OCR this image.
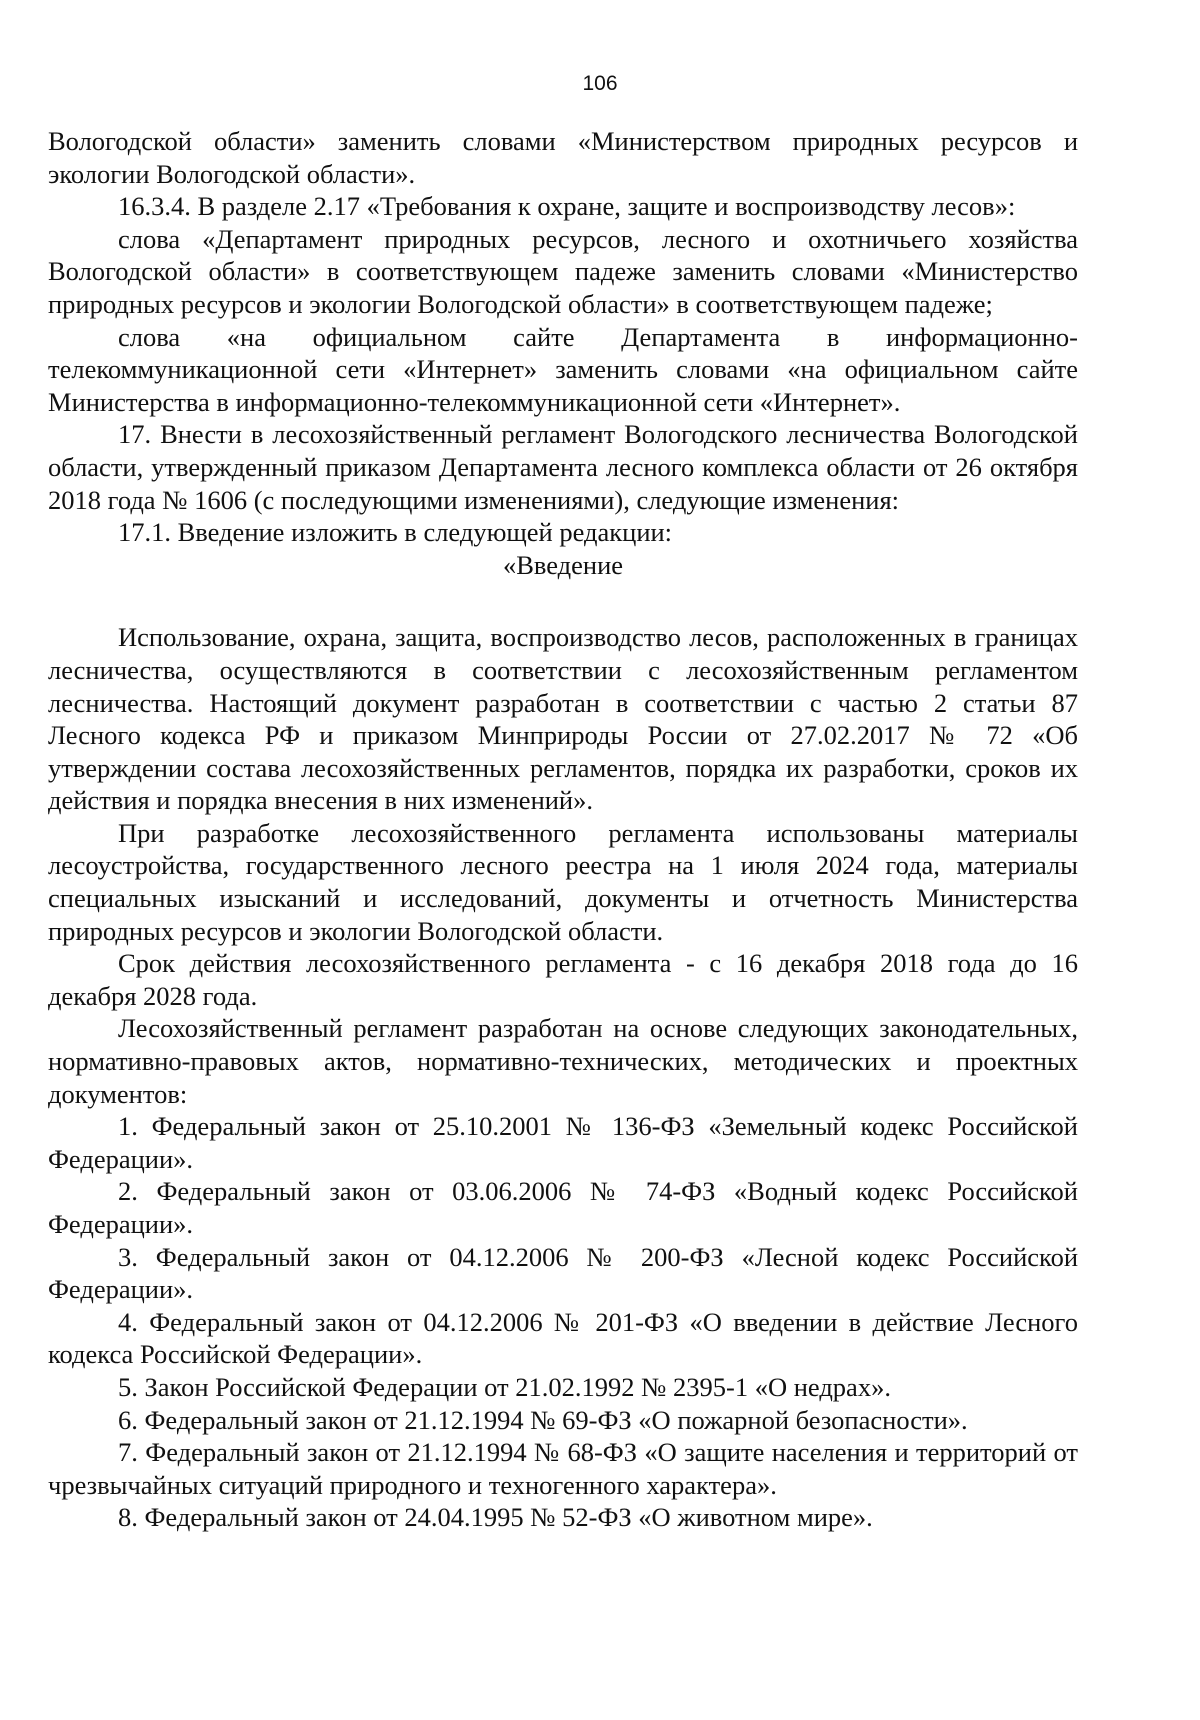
106

Вологодской области» заменить словами «Министерством природных ресурсов и экологии Вологодской области».

16.3.4. В разделе 2.17 «Требования к охране, защите и воспроизводству лесов»:

слова «Департамент природных ресурсов, лесного и охотничьего хозяйства Вологодской области» в соответствующем падеже заменить словами «Министерство природных ресурсов и экологии Вологодской области» в соответствующем падеже;

слова «на официальном сайте Департамента в информационно-телекоммуникационной сети «Интернет» заменить словами «на официальном сайте Министерства в информационно-телекоммуникационной сети «Интернет».

17. Внести в лесохозяйственный регламент Вологодского лесничества Вологодской области, утвержденный приказом Департамента лесного комплекса области от 26 октября 2018 года № 1606 (с последующими изменениями), следующие изменения:

17.1. Введение изложить в следующей редакции:

«Введение

Использование, охрана, защита, воспроизводство лесов, расположенных в границах лесничества, осуществляются в соответствии с лесохозяйственным регламентом лесничества. Настоящий документ разработан в соответствии с частью 2 статьи 87 Лесного кодекса РФ и приказом Минприроды России от 27.02.2017 № 72 «Об утверждении состава лесохозяйственных регламентов, порядка их разработки, сроков их действия и порядка внесения в них изменений».

При разработке лесохозяйственного регламента использованы материалы лесоустройства, государственного лесного реестра на 1 июля 2024 года, материалы специальных изысканий и исследований, документы и отчетность Министерства природных ресурсов и экологии Вологодской области.

Срок действия лесохозяйственного регламента - с 16 декабря 2018 года до 16 декабря 2028 года.

Лесохозяйственный регламент разработан на основе следующих законодательных, нормативно-правовых актов, нормативно-технических, методических и проектных документов:

1. Федеральный закон от 25.10.2001 № 136-ФЗ «Земельный кодекс Российской Федерации».

2. Федеральный закон от 03.06.2006 № 74-ФЗ «Водный кодекс Российской Федерации».

3. Федеральный закон от 04.12.2006 № 200-ФЗ «Лесной кодекс Российской Федерации».

4. Федеральный закон от 04.12.2006 № 201-ФЗ «О введении в действие Лесного кодекса Российской Федерации».

5. Закон Российской Федерации от 21.02.1992 № 2395-1 «О недрах».

6. Федеральный закон от 21.12.1994 № 69-ФЗ «О пожарной безопасности».

7. Федеральный закон от 21.12.1994 № 68-ФЗ «О защите населения и территорий от чрезвычайных ситуаций природного и техногенного характера».

8. Федеральный закон от 24.04.1995 № 52-ФЗ «О животном мире».
